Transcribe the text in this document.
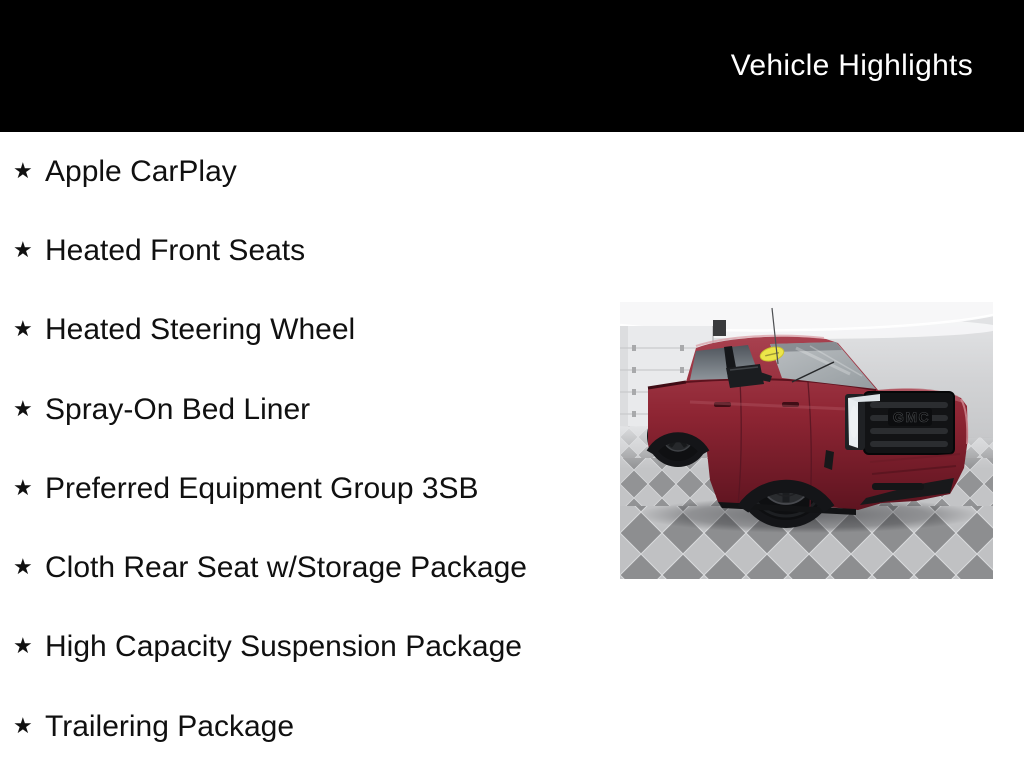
Vehicle Highlights
★ Apple CarPlay
★ Heated Front Seats
★ Heated Steering Wheel
★ Spray-On Bed Liner
★ Preferred Equipment Group 3SB
★ Cloth Rear Seat w/Storage Package
★ High Capacity Suspension Package
★ Trailering Package
GMC
